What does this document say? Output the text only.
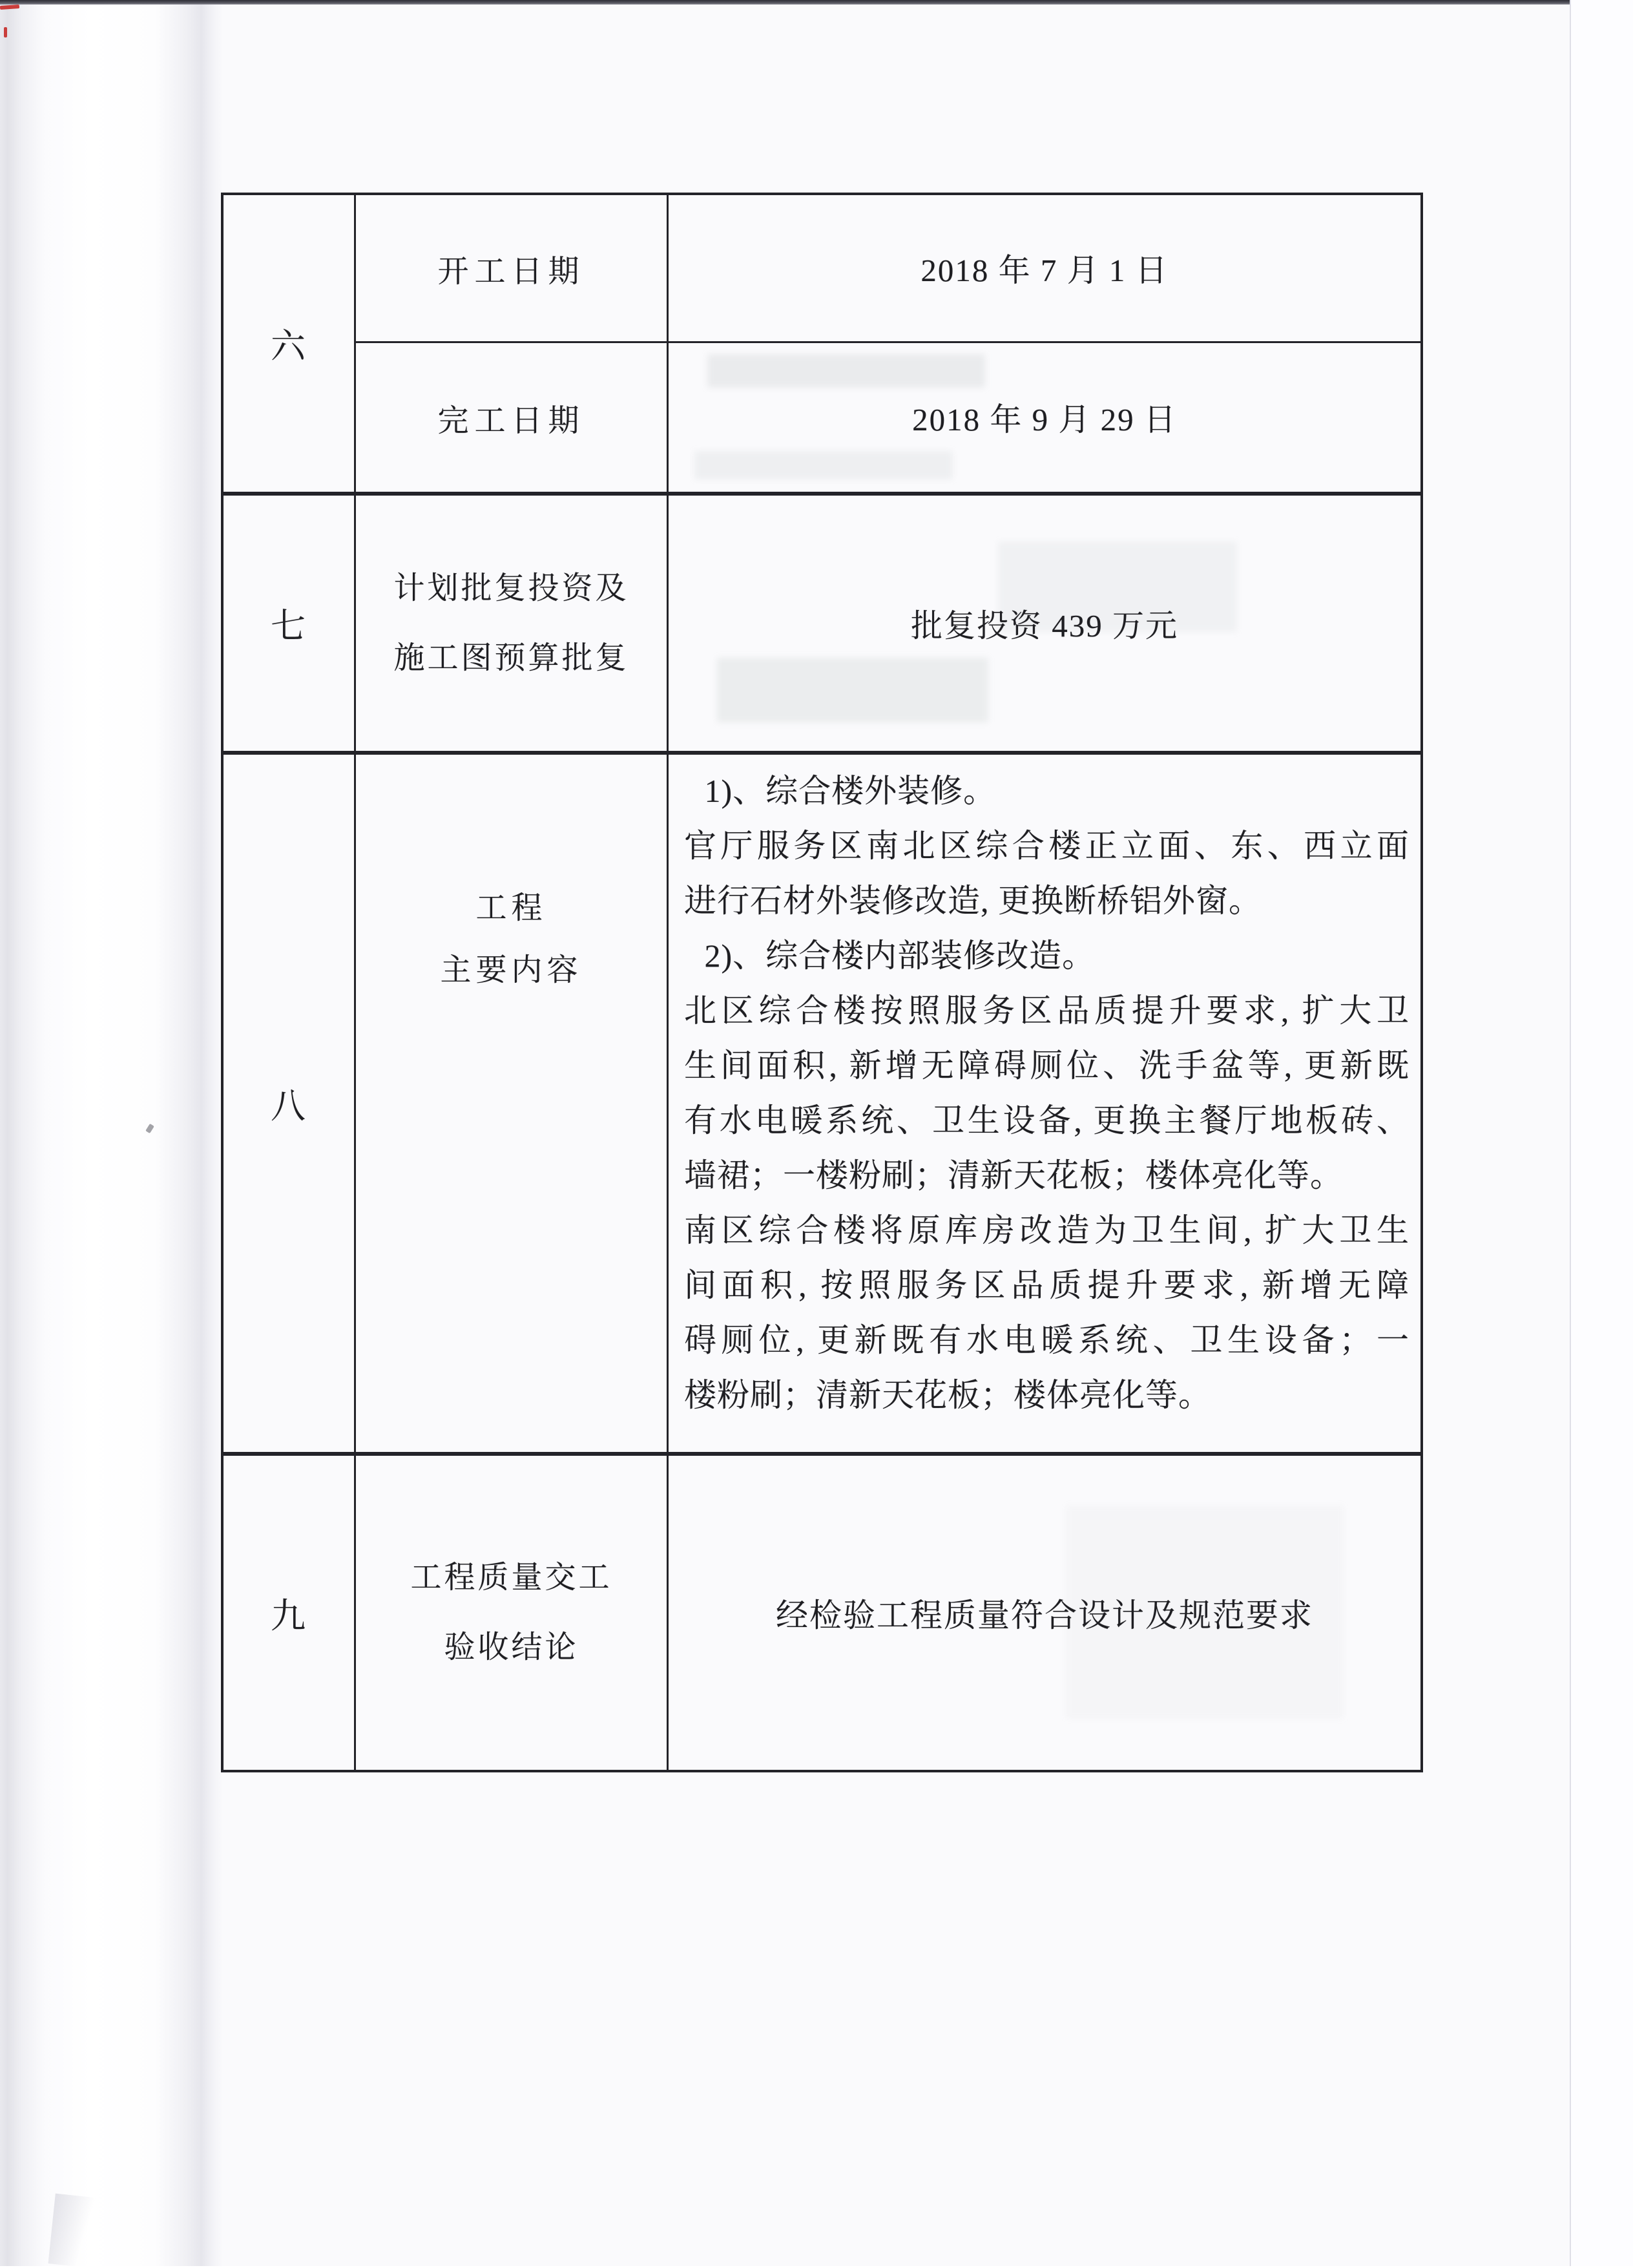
六
开工日期	2018 年 7 月 1 日
完工日期	2018 年 9 月 29 日
七
计划批复投资及
施工图预算批复
批复投资 439 万元
八
工程
主要内容
1)、综合楼外装修。
官厅服务区南北区综合楼正立面、东、西立面
进行石材外装修改造, 更换断桥铝外窗。
2)、综合楼内部装修改造。
北区综合楼按照服务区品质提升要求, 扩大卫
生间面积, 新增无障碍厕位、洗手盆等, 更新既
有水电暖系统、卫生设备, 更换主餐厅地板砖、
墙裙；一楼粉刷；清新天花板；楼体亮化等。
南区综合楼将原库房改造为卫生间, 扩大卫生
间面积, 按照服务区品质提升要求, 新增无障
碍厕位, 更新既有水电暖系统、卫生设备；一
楼粉刷；清新天花板；楼体亮化等。
九
工程质量交工
验收结论
经检验工程质量符合设计及规范要求
